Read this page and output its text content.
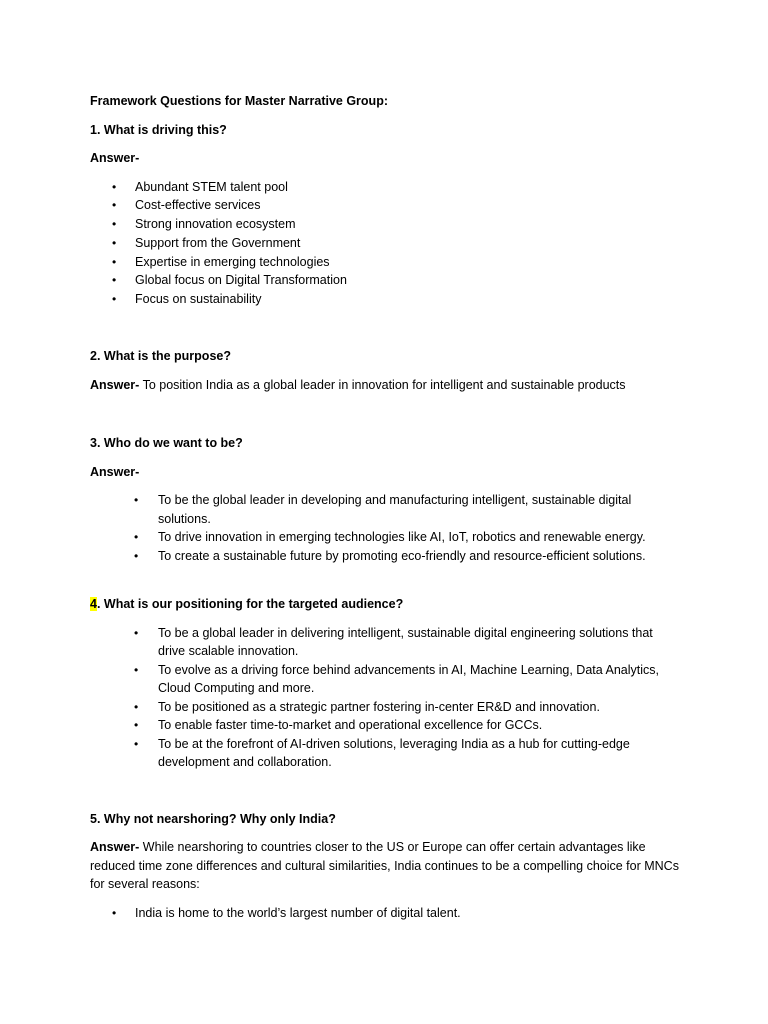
Framework Questions for Master Narrative Group:

1. What is driving this?

Answer-

• Abundant STEM talent pool
• Cost-effective services
• Strong innovation ecosystem
• Support from the Government
• Expertise in emerging technologies
• Global focus on Digital Transformation
• Focus on sustainability

2. What is the purpose?

Answer- To position India as a global leader in innovation for intelligent and sustainable products

3. Who do we want to be?

Answer-

• To be the global leader in developing and manufacturing intelligent, sustainable digital solutions.
• To drive innovation in emerging technologies like AI, IoT, robotics and renewable energy.
• To create a sustainable future by promoting eco-friendly and resource-efficient solutions.

4. What is our positioning for the targeted audience?

• To be a global leader in delivering intelligent, sustainable digital engineering solutions that drive scalable innovation.
• To evolve as a driving force behind advancements in AI, Machine Learning, Data Analytics, Cloud Computing and more.
• To be positioned as a strategic partner fostering in-center ER&D and innovation.
• To enable faster time-to-market and operational excellence for GCCs.
• To be at the forefront of AI-driven solutions, leveraging India as a hub for cutting-edge development and collaboration.

5. Why not nearshoring? Why only India?

Answer- While nearshoring to countries closer to the US or Europe can offer certain advantages like reduced time zone differences and cultural similarities, India continues to be a compelling choice for MNCs for several reasons:

• India is home to the world’s largest number of digital talent.
